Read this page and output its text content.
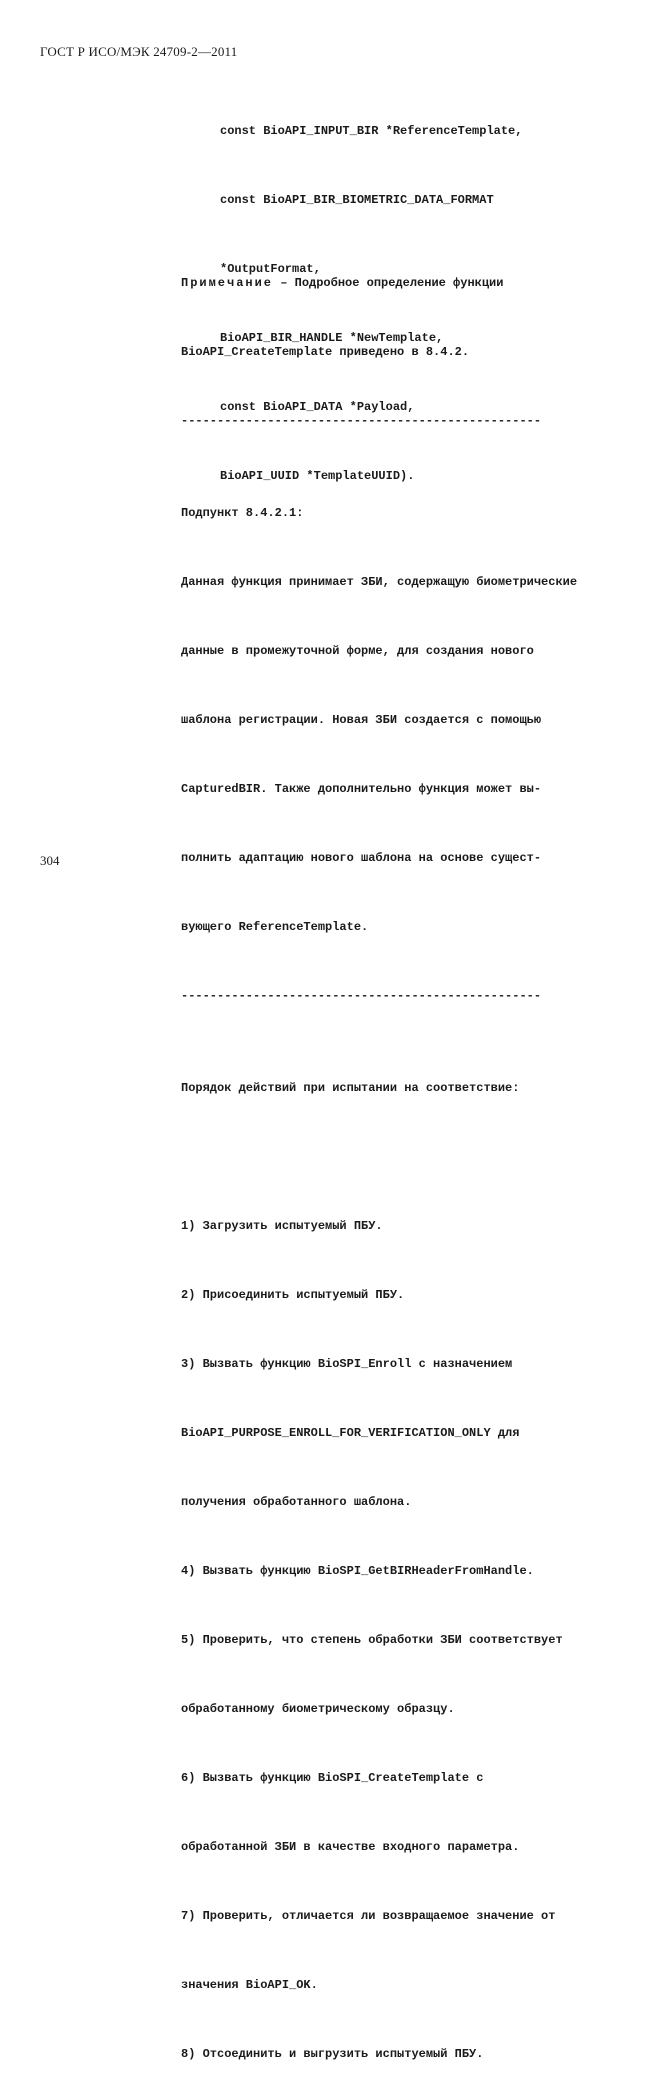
ГОСТ Р ИСО/МЭК 24709-2—2011

const BioAPI_INPUT_BIR *ReferenceTemplate,

const BioAPI_BIR_BIOMETRIC_DATA_FORMAT

*OutputFormat,

BioAPI_BIR_HANDLE *NewTemplate,

const BioAPI_DATA *Payload,

BioAPI_UUID *TemplateUUID).

Примечание – Подробное определение функции

BioAPI_CreateTemplate приведено в 8.4.2.

--------------------------------------------------

Подпункт 8.4.2.1:

Данная функция принимает ЗБИ, содержащую биометрические

данные в промежуточной форме, для создания нового

шаблона регистрации. Новая ЗБИ создается с помощью

CapturedBIR. Также дополнительно функция может вы-

полнить адаптацию нового шаблона на основе сущест-

вующего ReferenceTemplate.

--------------------------------------------------

Порядок действий при испытании на соответствие:

1) Загрузить испытуемый ПБУ.

2) Присоединить испытуемый ПБУ.

3) Вызвать функцию BioSPI_Enroll с назначением

BioAPI_PURPOSE_ENROLL_FOR_VERIFICATION_ONLY для

получения обработанного шаблона.

4) Вызвать функцию BioSPI_GetBIRHeaderFromHandle.

5) Проверить, что степень обработки ЗБИ соответствует

обработанному биометрическому образцу.

6) Вызвать функцию BioSPI_CreateTemplate с

обработанной ЗБИ в качестве входного параметра.

7) Проверить, отличается ли возвращаемое значение от

значения BioAPI_OK.

8) Отсоединить и выгрузить испытуемый ПБУ.

304
